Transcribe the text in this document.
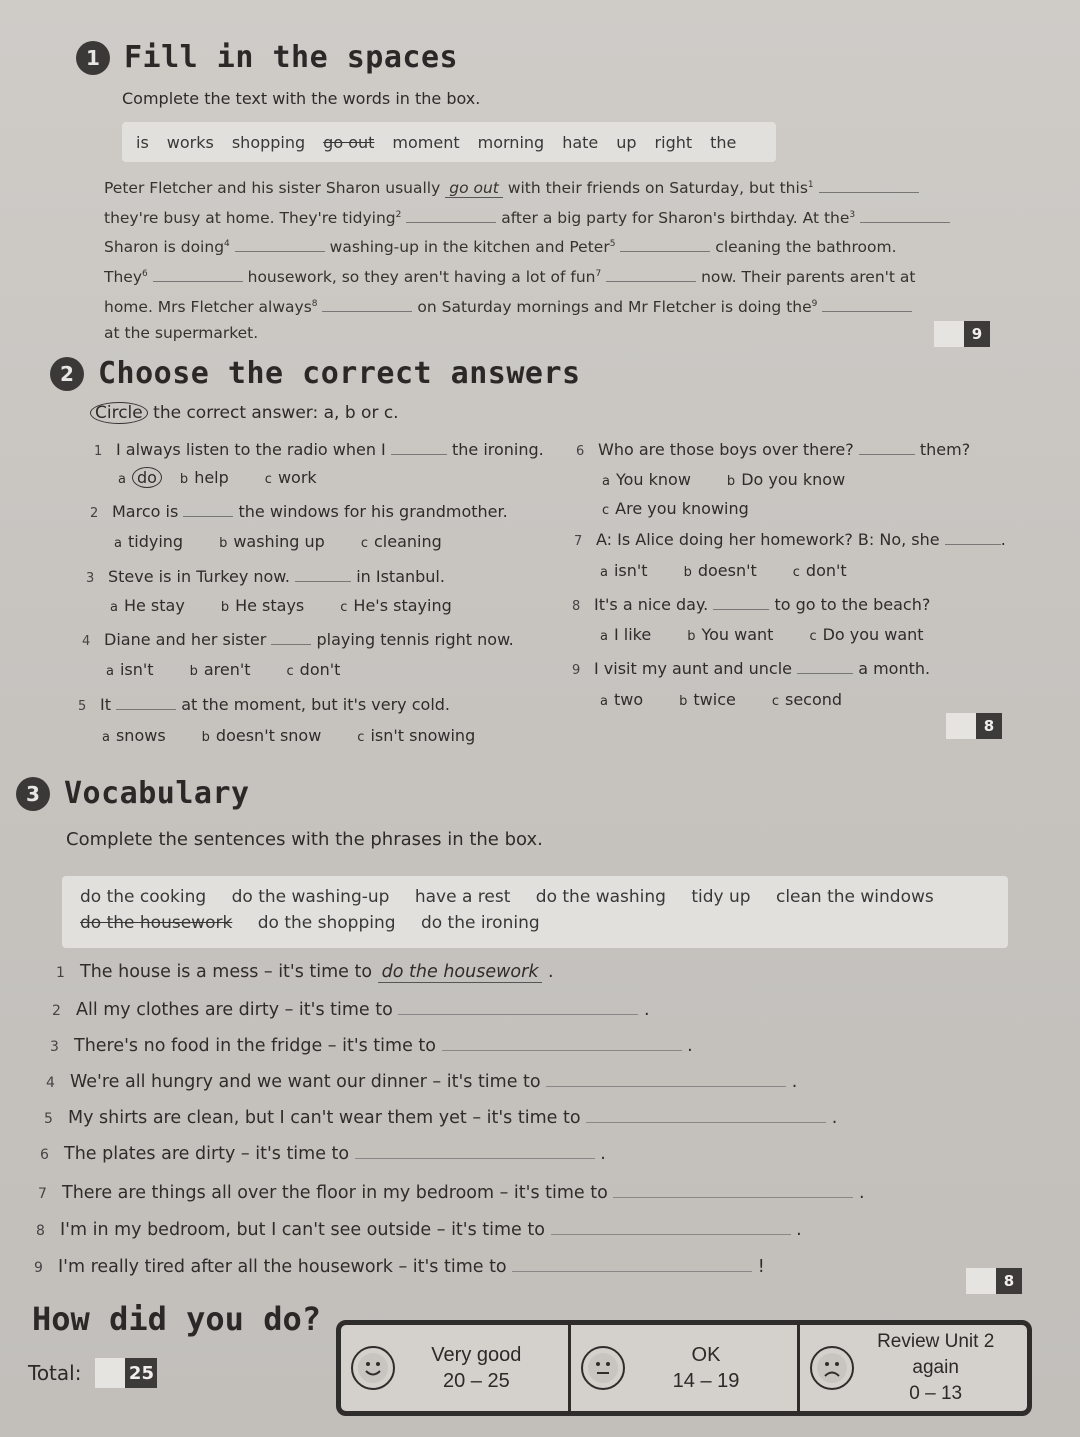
1 Fill in the spaces
Complete the text with the words in the box.
is works shopping go out moment morning hate up right the
Peter Fletcher and his sister Sharon usually go out with their friends on Saturday, but this$^1$
they're busy at home. They're tidying$^2$	after a big party for Sharon's birthday. At the$^3$
Sharon is doing$^4$	washing-up in the kitchen and Peter$^5$	cleaning the bathroom.
They$^6$	housework, so they aren't having a lot of fun$^7$	now. Their parents aren't at
home. Mrs Fletcher always$^8$	on Saturday mornings and Mr Fletcher is doing the$^9$
at the supermarket.	9
2 Choose the correct answers
Circle the correct answer: a, b or c.
1 I always listen to the radio when I	the ironing.
a do b help	c work
2 Marco is	the windows for his grandmother.
a tidying	b washing up	c cleaning
3 Steve is in Turkey now.	in Istanbul.
a He stay	b He stays	c He's staying
4 Diane and her sister	playing tennis right now.
a isn't	b aren't	c don't
5 It	at the moment, but it's very cold.
a snows	b doesn't snow	c isn't snowing
6 Who are those boys over there?	them?
a You know	b Do you know
c Are you knowing
7 A: Is Alice doing her homework? B: No, she	.
a isn't	b doesn't	c don't
8 It's a nice day.	to go to the beach?
a I like	b You want	c Do you want
9 I visit my aunt and uncle	a month.
a two	b twice	c second
8
3 Vocabulary
Complete the sentences with the phrases in the box.
do the cooking do the washing-up have a rest do the washing tidy up clean the windows
do the housework do the shopping do the ironing
1 The house is a mess – it's time to do the housework .
2 All my clothes are dirty – it's time to	.
3 There's no food in the fridge – it's time to	.
4 We're all hungry and we want our dinner – it's time to	.
5 My shirts are clean, but I can't wear them yet – it's time to	.
6 The plates are dirty – it's time to	.
7 There are things all over the floor in my bedroom – it's time to	.
8 I'm in my bedroom, but I can't see outside – it's time to	.
9 I'm really tired after all the housework – it's time to	!
8
How did you do?
Total:	25
Very good
20 – 25
OK
14 – 19
Review Unit 2 again
0 – 13
